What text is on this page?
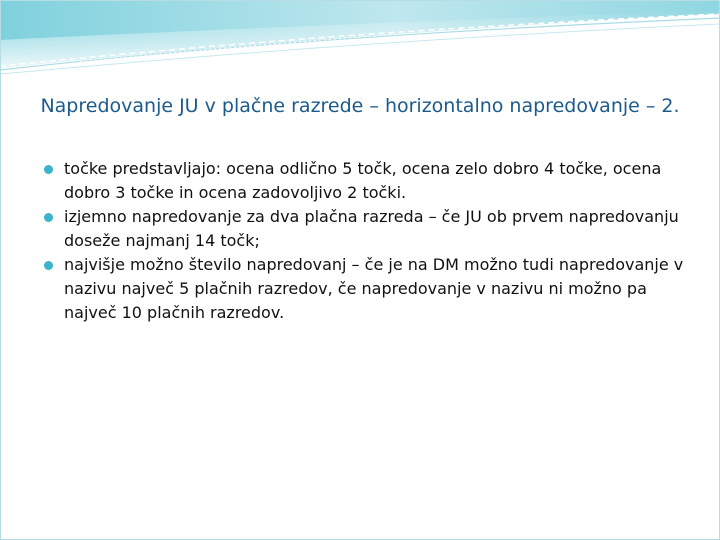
Napredovanje JU v plačne razrede – horizontalno napredovanje – 2.
točke predstavljajo: ocena odlično 5 točk, ocena zelo dobro 4 točke, ocena dobro 3 točke in ocena zadovoljivo 2 točki.
izjemno napredovanje za dva plačna razreda – če JU ob prvem napredovanju doseže najmanj 14 točk;
najvišje možno število napredovanj – če je na DM možno tudi napredovanje v nazivu največ 5 plačnih razredov, če napredovanje v nazivu ni možno pa največ 10 plačnih razredov.
